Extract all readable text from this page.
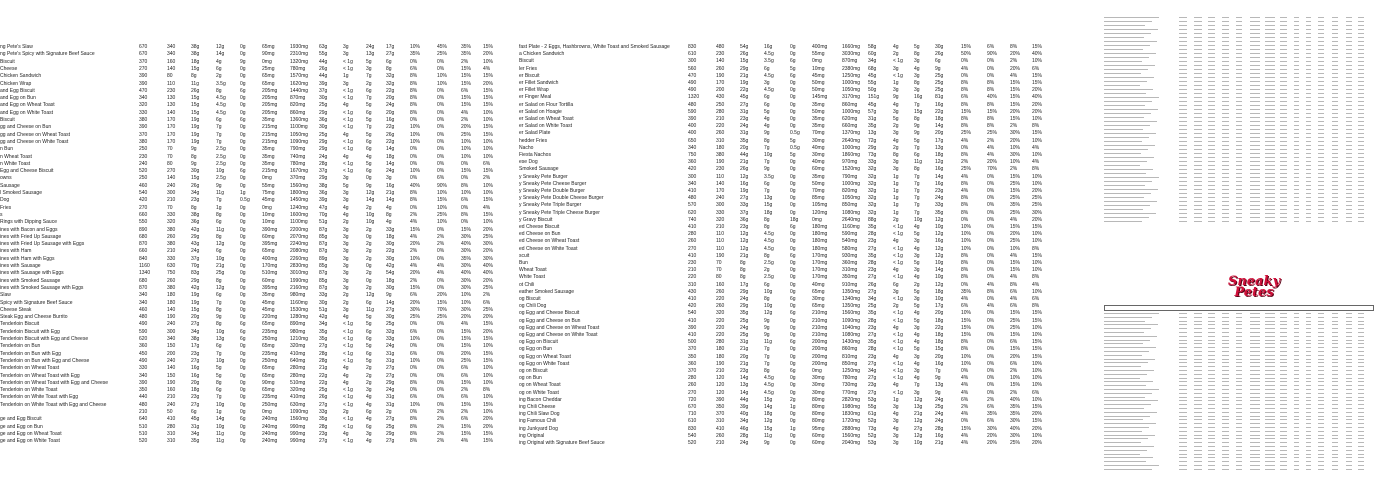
ng Pete's Slaw	670	340	38g	12g	0g	65mg	1930mg 63g	3g	24g 17g	10%	45%	35% 15%
ng Pete's Spicy with Signature Beef Sauce	670	340	38g	14g	0g	90mg	2310mg 55g	3g	13g 27g	35%	25%	35% 20%
Biscuit	370	160	18g	4g	9g	0mg	1320mg 44g	< 1g	5g	6g	0%	0%	2%	10%
Cheese	270	140	15g	6g	0g	25mg	780mg	26g	< 1g	3g	8g	6%	0%	15% 4%
Chicken Sandwich	390	80	8g	2g	0g	65mg	1570mg 44g	1g	7g	32g	8%	10%	15% 15%
Chicken Wrap	390	110	11g	3.5g	0g	65mg	1620mg 39g	3g	2g	32g	8%	10%	15% 20%
and Egg Biscuit	470	230	26g	8g	6g	205mg	1440mg 37g	< 1g	6g	22g	8%	0%	6%	15%
and Egg on Bun	340	130	15g	4.5g	0g	205mg	870mg	30g	< 1g	7g	20g	8%	0%	15% 15%
and Egg on Wheat Toast	320	130	15g	4.5g	0g	205mg	820mg	25g	4g	5g	24g	8%	0%	15% 15%
and Egg on White Toast	330	140	15g	4.5g	0g	205mg	860mg	29g	< 1g	6g	20g	8%	0%	4%	10%
Biscuit	380	170	19g	6g	6g	35mg	1360mg 36g	< 1g	5g	16g	0%	0%	2%	10%
gg and Cheese on Bun	390	170	19g	7g	0g	215mg	1100mg 30g	< 1g	7g	22g	10%	0%	20% 15%
gg and Cheese on Wheat Toast	370	170	19g	7g	0g	215mg	1050mg 25g	4g	5g	26g	10%	0%	25% 15%
gg and Cheese on White Toast	380	170	19g	7g	0g	215mg	1090mg 29g	< 1g	6g	22g	10%	0%	10% 10%
n Bun	250	70	9g	2.5g	0g	35mg	790mg	29g	< 1g	6g	14g	0%	0%	10% 10%
n Wheat Toast	230	70	8g	2.5g	0g	35mg	740mg	24g	4g	4g	18g	0%	0%	10% 10%
n White Toast	240	80	9g	2.5g	0g	35mg	780mg	28g	< 1g	5g	14g	0%	0%	0%	6%
Egg and Cheese Biscuit	520	270	30g	10g	6g	215mg	1670mg 37g	< 1g	6g	24g	10%	0%	15% 15%
owns	250	140	15g	2.5g	0g	0mg	370mg	29g	3g	0g	3g	0%	6%	0%	2%
Sausage	460	240	26g	9g	0g	55mg	1560mg 38g	5g	9g	16g	40%	90%	8%	10%
l Smoked Sausage	540	300	34g	11g	1g	75mg	1800mg 36g	3g	12g 21g	8%	10%	10% 10%
Dog	420	210	23g	7g	0.5g 45mg	1450mg 39g	3g	14g 14g	8%	15%	6%	15%
Fries	270	70	8g	1g	0g	0mg	1240mg 47g	4g	2g	4g	0%	10%	0%	4%
s	660	330	38g	8g	0g	10mg	1600mg 70g	4g	10g 8g	2%	25%	8%	15%
Rings with Dipping Sauce	550	320	36g	6g	0g	10mg	1100mg 51g	2g	10g 4g	4%	10%	0%	10%
ines with Bacon and Eggs	890	380	42g	11g	0g	390mg	2200mg 87g	3g	2g	33g	15%	0%	15% 20%
ines with Fried Up Sausage	680	260	29g	8g	0g	60mg	2070mg 85g	3g	0g	18g	4%	2%	30% 25%
ines with Fried Up Sausage with Eggs	870	380	43g	12g	0g	395mg	2240mg 87g	3g	2g	30g	20%	2%	40% 30%
ines with Ham	660	210	24g	6g	0g	65mg	2080mg 87g	3g	2g	22g	2%	0%	30% 20%
ines with Ham with Eggs	840	330	37g	10g	0g	400mg	2260mg 89g	3g	2g	30g	10%	0%	35% 30%
ines with Sausage	1160	630	70g	21g	0g	170mg	2830mg 85g	3g	0g	42g	4%	4%	30% 40%
ines with Sausage with Eggs	1340	750	83g	25g	0g	510mg	3010mg 87g	3g	2g	54g	20%	4%	40% 40%
ines with Smoked Sausage	680	260	29g	8g	0g	60mg	1990mg 85g	3g	0g	18g	2%	0%	30% 20%
ines with Smoked Sausage with Eggs	870	380	42g	12g	0g	395mg	2160mg 87g	3g	2g	30g	15%	0%	30% 25%
Slaw	340	180	19g	6g	0g	35mg	980mg	33g	2g	12g 9g	6%	20%	10% 2%
Spicy with Signature Beef Sauce	340	180	19g	7g	0g	45mg	1160mg 30g	2g	6g	14g	20%	15%	10% 6%
Cheese Steak	460	140	15g	8g	0g	45mg	1530mg 51g	3g	11g 27g	30%	70%	30% 25%
Steak Egg and Cheese Burrito	480	190	20g	9g	0g	220mg	1280mg 42g	4g	5g	30g	25%	25%	20% 20%
Tenderloin Biscuit	490	240	27g	8g	6g	65mg	890mg	34g	< 1g	5g	25g	0%	0%	4%	15%
Tenderloin Biscuit with Egg	590	300	34g	10g	6g	235mg	980mg	35g	< 1g	6g	32g	6%	0%	15% 20%
Tenderloin Biscuit with Egg and Cheese	620	340	38g	13g	6g	250mg	1210mg 35g	< 1g	6g	33g	10%	0%	15% 15%
Tenderloin on Bun	360	150	17g	6g	0g	65mg	320mg	27g	< 1g	5g	24g	0%	0%	15% 10%
Tenderloin on Bun with Egg	450	200	23g	7g	0g	235mg	410mg	28g	< 1g	6g	31g	6%	0%	20% 15%
Tenderloin on Bun with Egg and Cheese	490	240	27g	10g	0g	250mg	640mg	28g	< 1g	5g	31g	10%	0%	25% 15%
Tenderloin on Wheat Toast	330	140	16g	5g	0g	65mg	280mg	21g	4g	2g	27g	0%	0%	6%	10%
Tenderloin on Wheat Toast with Egg	340	150	16g	5g	0g	65mg	280mg	22g	4g	2g	27g	0%	0%	6%	10%
Tenderloin on Wheat Toast with Egg and Cheese	390	190	20g	8g	0g	90mg	510mg	22g	4g	2g	29g	8%	0%	15% 10%
Tenderloin on White Toast	350	160	18g	6g	0g	65mg	320mg	25g	< 1g	3g	24g	0%	0%	2%	8%
Tenderloin on White Toast with Egg	440	210	23g	7g	0g	235mg	410mg	26g	< 1g	4g	31g	6%	0%	6%	10%
Tenderloin on White Toast with Egg and Cheese	480	240	27g	10g	0g	250mg	630mg	27g	< 1g	4g	31g	10%	0%	15% 15%
210	50	6g	1g	0g	0mg	1090mg 33g	2g	6g	2g	0%	2%	2%	10%
ge and Egg Biscuit	640	410	45g	14g	6g	240mg	1560mg 35g	< 1g	4g	27g	8%	2%	6%	20%
ge and Egg on Bun	510	280	31g	10g	0g	240mg	990mg	28g	< 1g	6g	25g	8%	2%	15% 20%
ge and Egg on Wheat Toast	510	310	34g	11g	0g	240mg	990mg	23g	4g	3g	29g	8%	2%	15% 15%
ge and Egg on White Toast	520	310	35g	11g	0g	240mg	990mg	27g	< 1g	4g	27g	8%	2%	4%	15%
fast Plate - 2 Eggs, Hashbrowns, White Toast and Smoked Sausage	830	480	54g	16g	0g	400mg	1660mg 58g	4g	5g	30g	15%	6%	8%	15%
a Chicken Sandwich	610	230	26g	4.5g	0g	55mg	3030mg 60g	2g	8g	26g	50%	90%	20% 40%
Biscuit	300	140	15g	3.5g	6g	0mg	870mg 34g	< 1g 3g	6g	0%	0%	2%	10%
ler Fries	560	260	29g	6g	5g	10mg	2380mg 68g	3g	4g	9g	4%	0%	20% 6%
er Biscuit	470	190	21g	4.5g	6g	45mg	1250mg 45g	< 1g 3g	25g	0%	0%	4%	15%
er Fillet Sandwich	490	170	19g	3g	0g	50mg	1000mg 55g	1g	8g	25g	8%	8%	15% 15%
er Fillet Wrap	490	200	22g	4.5g	0g	50mg	1050mg 50g	3g	3g	25g	8%	8%	15% 20%
er Finger Meal	1320	430	45g	6g	0g	145mg	3170mg 151g	9g	16g	81g	6%	40%	15% 40%
er Salad on Flour Tortilla	480	250	27g	6g	0g	35mg	860mg 45g	4g	7g	16g	8%	8%	15% 20%
er Salad on Hoagie	590	280	31g	5g	0g	50mg	1000mg 57g	3g	15g	22g	15%	15%	20% 20%
er Salad on Wheat Toast	390	210	23g	4g	0g	35mg	620mg 31g	5g	8g	18g	8%	8%	15% 10%
er Salad on White Toast	400	220	24g	4g	0g	35mg	660mg 35g	2g	9g	14g	8%	8%	2%	8%
er Salad Plate	400	260	31g	9g	0.5g 70mg	1370mg 13g	3g	9g	20g	25%	25%	30% 15%
hedder Fries	650	310	35g	8g	5g	30mg	2640mg 72g	4g	5g	17g	4%	2%	20% 10%
Nacho	340	180	20g	7g	0.5g 40mg	1000mg 29g	2g	7g	13g	0%	4%	10% 4%
Fiesta Nachos	750	380	44g	10g	5g	30mg	1860mg 73g	8g	6g	18g	8%	4%	30% 10%
ese Dog	360	190	21g	7g	0g	40mg	970mg 33g	3g	11g	12g	2%	20%	10% 4%
Smoked Sausage	420	230	26g	9g	0g	60mg	1520mg 32g	3g	8g	16g	25%	70%	2%	8%
y Sneaky Pete Burger	300	110	12g	3.5g	0g	35mg	790mg 32g	1g	7g	14g	4%	0%	15% 10%
y Sneaky Pete Cheese Burger	340	140	16g	6g	0g	50mg	1000mg 32g	1g	7g	16g	8%	0%	25% 10%
y Sneaky Pete Double Burger	410	170	19g	7g	0g	70mg	820mg 32g	1g	7g	23g	4%	0%	15% 20%
y Sneaky Pete Double Cheese Burger	480	240	27g	13g	0g	85mg	1050mg 32g	1g	7g	24g	8%	0%	25% 25%
y Sneaky Pete Triple Burger	570	300	33g	15g	0g	105mg	850mg 32g	1g	7g	33g	8%	0%	35% 25%
y Sneaky Pete Triple Cheese Burger	620	330	37g	18g	0g	120mg	1080mg 32g	1g	7g	35g	8%	0%	25% 30%
y Gravy Biscuit	740	320	36g	8g	18g	0mg	2640mg 88g	2g	10g	12g	0%	0%	4%	20%
ed Cheese Biscuit	410	210	23g	8g	6g	180mg	1160mg 35g	< 1g 4g	10g	10%	0%	15% 15%
ed Cheese on Bun	280	110	12g	4.5g	0g	180mg	590mg 28g	< 1g 5g	12g	10%	0%	20% 10%
ed Cheese on Wheat Toast	260	110	12g	4.5g	0g	180mg	540mg 23g	4g	3g	16g	10%	0%	25% 10%
ed Cheese on White Toast	270	110	12g	4.5g	0g	180mg	580mg 27g	< 1g 4g	12g	10%	0%	10% 8%
scuit	410	190	21g	8g	6g	170mg	930mg 35g	< 1g 3g	12g	8%	0%	4%	15%
Bun	230	70	8g	2.5g	0g	170mg	360mg 28g	< 1g 5g	10g	8%	0%	15% 10%
Wheat Toast	210	70	8g	2g	0g	170mg	310mg 23g	4g	3g	14g	8%	0%	15% 10%
White Toast	220	80	8g	2.5g	0g	170mg	350mg 27g	< 1g 4g	10g	8%	0%	4%	8%
ot Chili	310	160	17g	6g	0g	40mg	910mg 26g	6g	2g	12g	0%	4%	8%	4%
eather Smoked Sausage	430	260	29g	10g	0g	65mg	1350mg 27g	3g	5g	18g	35%	8%	6%	10%
og Biscuit	410	220	24g	8g	6g	30mg	1340mg 34g	< 1g 3g	10g	4%	0%	4%	6%
og Chili Dog	420	260	29g	10g	0g	65mg	1350mg 25g	2g	5g	17g	6%	4%	6%	8%
og Egg and Cheese Biscuit	540	320	35g	12g	6g	210mg	1560mg 35g	< 1g 4g	20g	10%	0%	15% 15%
og Egg and Cheese on Bun	410	220	25g	9g	0g	210mg	1090mg 28g	< 1g 5g	18g	15%	0%	25% 15%
og Egg and Cheese on Wheat Toast	390	220	24g	9g	0g	210mg	1040mg 23g	4g	3g	22g	15%	0%	25% 10%
og Egg and Cheese on White Toast	410	220	25g	9g	0g	210mg	1080mg 27g	< 1g 4g	18g	15%	0%	15% 10%
og Egg on Biscuit	500	280	31g	11g	6g	200mg	1430mg 35g	< 1g 4g	18g	8%	0%	6%	15%
og Egg on Bun	370	180	21g	7g	0g	200mg	860mg 28g	< 1g 5g	15g	8%	0%	15% 15%
og Egg on Wheat Toast	350	180	20g	7g	0g	200mg	810mg 23g	4g	3g	20g	10%	0%	20% 15%
og Egg on White Toast	360	190	21g	7g	0g	200mg	850mg 27g	< 1g 4g	16g	10%	0%	6%	10%
og on Biscuit	370	210	23g	8g	6g	0mg	1250mg 34g	< 1g 3g	7g	0%	0%	2%	10%
og on Bun	280	120	14g	4.5g	0g	30mg	780mg 27g	< 1g 4g	9g	4%	0%	10% 10%
og on Wheat Toast	260	120	13g	4.5g	0g	30mg	730mg 23g	4g	7g	13g	4%	0%	15% 10%
og on White Toast	270	120	14g	4.5g	0g	30mg	770mg 27g	< 1g 3g	9g	4%	0%	2%	6%
ing Bacon Cheddar	720	390	44g	15g	2g	80mg	2820mg 53g	1g	12g	24g	6%	2%	40% 10%
ing Chili Cheese	670	350	39g	14g	1g	80mg	1980mg 55g	3g	13g	25g	2%	6%	35% 15%
ing Chili Slaw Dog	710	370	40g	18g	0g	80mg	1830mg 61g	4g	21g	24g	4%	35%	35% 20%
ing Famous Chili	610	310	34g	12g	0g	80mg	1720mg 52g	3g	12g	24g	0%	6%	30% 15%
ing Junkyard Dog	830	410	46g	15g	1g	95mg	2880mg 73g	4g	27g	28g	15%	30%	40% 20%
ing Original	540	260	28g	11g	0g	60mg	1560mg 52g	3g	12g	16g	4%	20%	30% 10%
ing Original with Signature Beef Sauce	520	210	24g	9g	0g	60mg	2040mg 53g	3g	10g	21g	4%	20%	25% 20%
Sneaky
Petes
